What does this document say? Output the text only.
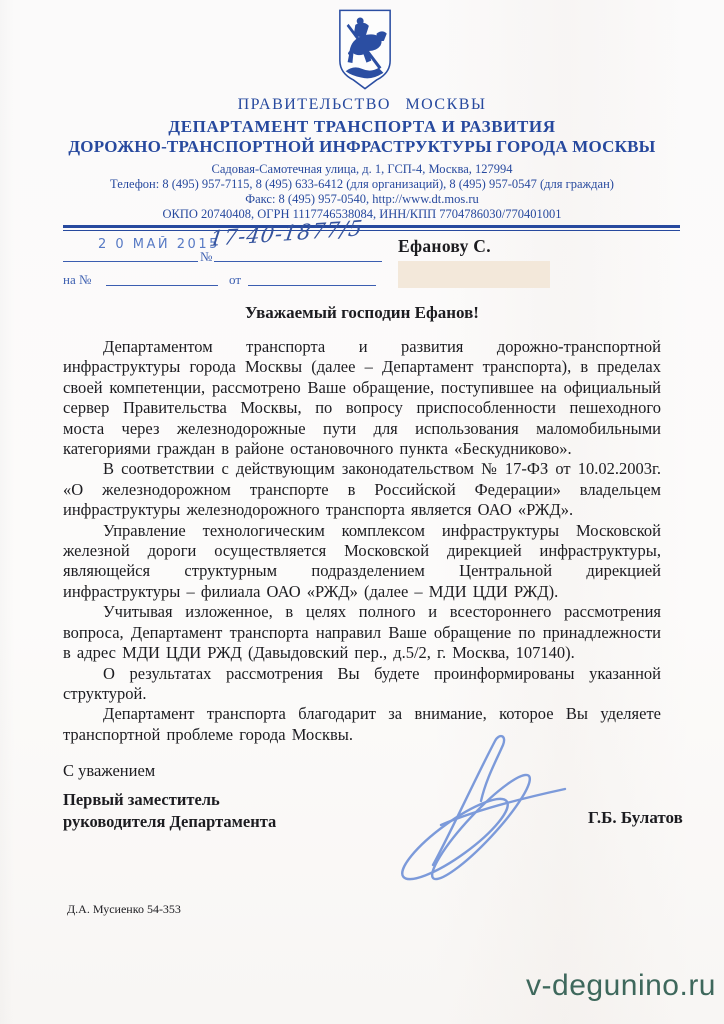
ПРАВИТЕЛЬСТВО МОСКВЫ
ДЕПАРТАМЕНТ ТРАНСПОРТА И РАЗВИТИЯ
ДОРОЖНО-ТРАНСПОРТНОЙ ИНФРАСТРУКТУРЫ ГОРОДА МОСКВЫ
Садовая-Самотечная улица, д. 1, ГСП-4, Москва, 127994
Телефон: 8 (495) 957-7115, 8 (495) 633-6412 (для организаций), 8 (495) 957-0547 (для граждан)
Факс: 8 (495) 957-0540, http://www.dt.mos.ru
ОКПО 20740408, ОГРН 1117746538084, ИНН/КПП 7704786030/770401001
2 0 МАЙ 2015
№
17-40-1877/5
на №	от
Ефанову С.
Уважаемый господин Ефанов!

Департаментом транспорта и развития дорожно-транспортной инфраструктуры города Москвы (далее – Департамент транспорта), в пределах своей компетенции, рассмотрено Ваше обращение, поступившее на официальный сервер Правительства Москвы, по вопросу приспособленности пешеходного моста через железнодорожные пути для использования маломобильными категориями граждан в районе остановочного пункта «Бескудниково».

В соответствии с действующим законодательством № 17-ФЗ от 10.02.2003г. «О железнодорожном транспорте в Российской Федерации» владельцем инфраструктуры железнодорожного транспорта является ОАО «РЖД».

Управление технологическим комплексом инфраструктуры Московской железной дороги осуществляется Московской дирекцией инфраструктуры, являющейся структурным подразделением Центральной дирекцией инфраструктуры – филиала ОАО «РЖД» (далее – МДИ ЦДИ РЖД).

Учитывая изложенное, в целях полного и всестороннего рассмотрения вопроса, Департамент транспорта направил Ваше обращение по принадлежности в адрес МДИ ЦДИ РЖД (Давыдовский пер., д.5/2, г. Москва, 107140).

О результатах рассмотрения Вы будете проинформированы указанной структурой.

Департамент транспорта благодарит за внимание, которое Вы уделяете транспортной проблеме города Москвы.

С уважением
Первый заместитель
руководителя Департамента	Г.Б. Булатов
Д.А. Мусиенко 54-353
v-degunino.ru
